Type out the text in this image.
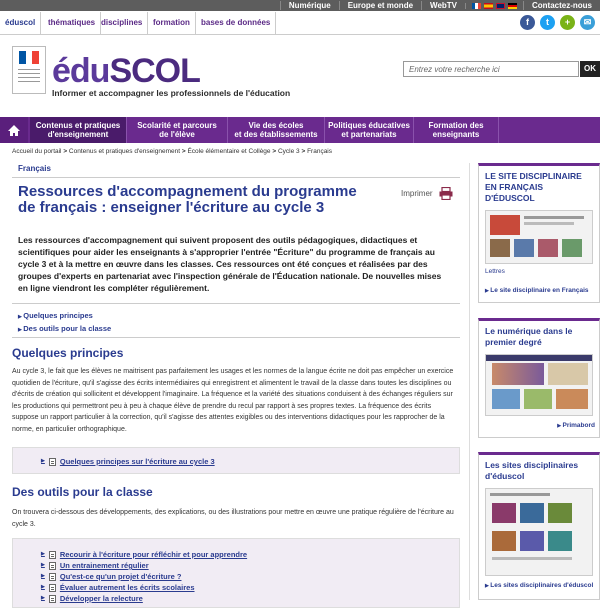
Numérique	Europe et monde	WebTV	Contactez-nous
éduscol	thématiques disciplines	formation	bases de données	f	t	+	✉
éduSCOL
Informer et accompagner les professionnels de l'éducation
Entrez votre recherche ici	OK
Contenus et pratiques
d'enseignement
Scolarité et parcours
de l'élève
Vie des écoles
et des établissements
Politiques éducatives
et partenariats
Formation des
enseignants
Accueil du portail > Contenus et pratiques d'enseignement > École élémentaire et Collège > Cycle 3 > Français
Français
Ressources d'accompagnement du programme de français : enseigner l'écriture au cycle 3
Imprimer
Les ressources d'accompagnement qui suivent proposent des outils pédagogiques, didactiques et scientifiques pour aider les enseignants à s'approprier l'entrée "Écriture" du programme de français au cycle 3 et à la mettre en œuvre dans les classes. Ces ressources ont été conçues et réalisées par des groupes d'experts en partenariat avec l'inspection générale de l'Éducation nationale. De nouvelles mises en ligne viendront les compléter régulièrement.
▶ Quelques principes
▶ Des outils pour la classe
Quelques principes
Au cycle 3, le fait que les élèves ne maitrisent pas parfaitement les usages et les normes de la langue écrite ne doit pas empêcher un exercice quotidien de l'écriture, qu'il s'agisse des écrits intermédiaires qui enregistrent et alimentent le travail de la classe dans toutes les disciplines ou d'écrits de création qui sollicitent et développent l'imaginaire. La fréquence et la variété des situations conduisent à des échanges réguliers sur les productions qui permettront peu à peu à chaque élève de prendre du recul par rapport à ses propres textes. La fréquence des écrits suppose un rapport particulier à la correction, qu'il s'agisse des attentes exigibles ou des interventions didactiques pour les rapprocher de la norme, en particulier orthographique.
▶ Quelques principes sur l'écriture au cycle 3
Des outils pour la classe
On trouvera ci-dessous des développements, des explications, ou des illustrations pour mettre en œuvre une pratique régulière de l'écriture au cycle 3.
▶ Recourir à l'écriture pour réfléchir et pour apprendre
▶ Un entrainement régulier
▶ Qu'est-ce qu'un projet d'écriture ?
▶ Évaluer autrement les écrits scolaires
▶ Développer la relecture
LE SITE DISCIPLINAIRE EN FRANÇAIS D'ÉDUSCOL
Lettres
▶ Le site disciplinaire en Français
Le numérique dans le premier degré
▶ Primabord
Les sites disciplinaires d'éduscol
▶ Les sites disciplinaires d'éduscol
